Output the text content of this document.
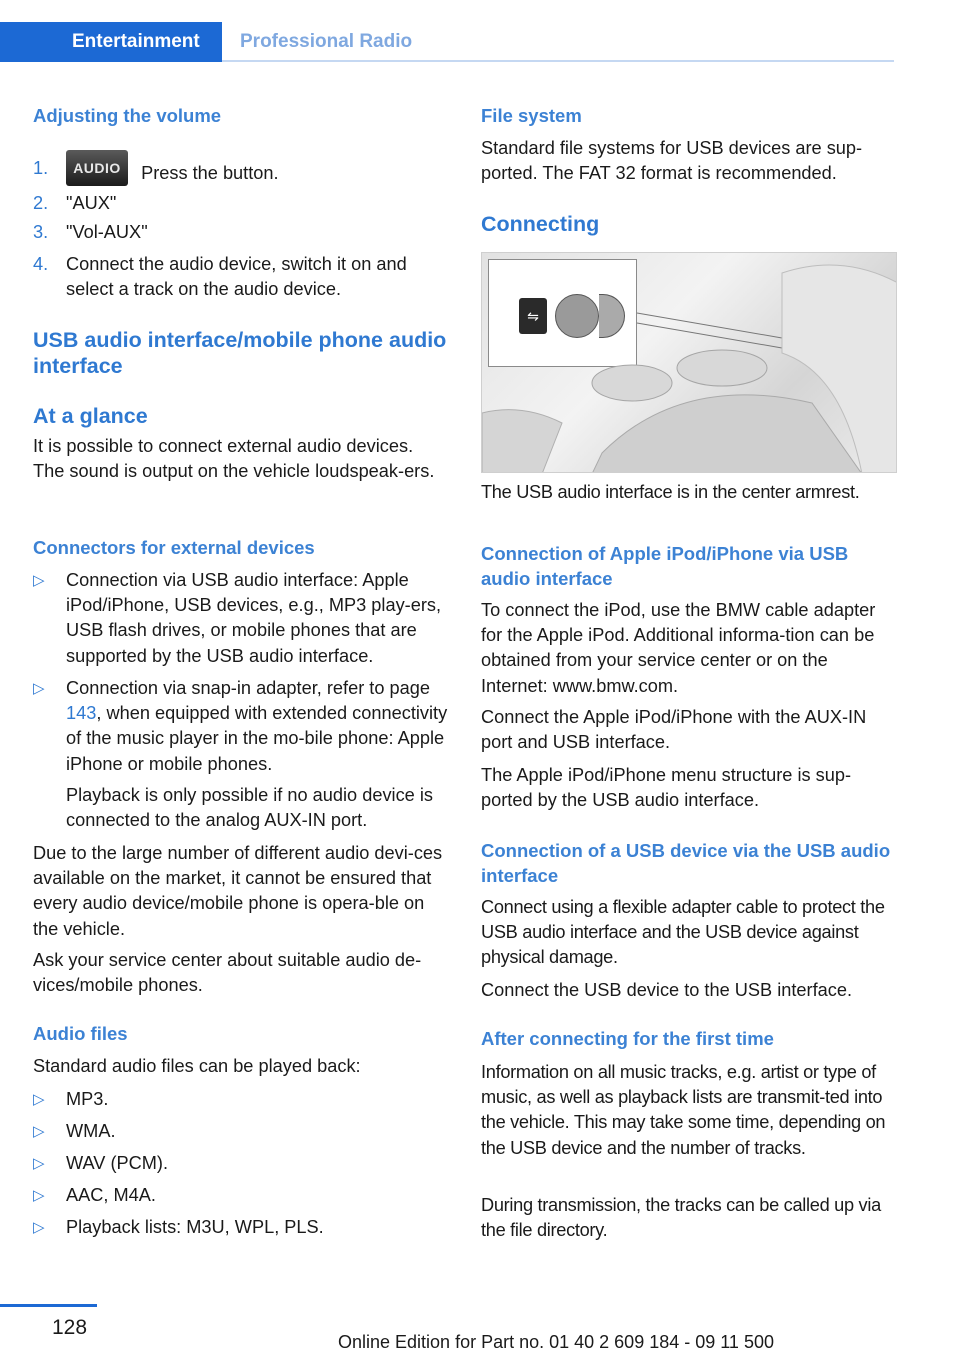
Entertainment	Professional Radio
Adjusting the volume
1.	AUDIO Press the button.
2. "AUX"
3. "Vol-AUX"
4. Connect the audio device, switch it on and select a track on the audio device.
USB audio interface/mobile phone audio interface
At a glance
It is possible to connect external audio devices. The sound is output on the vehicle loudspeak‐ers.
Connectors for external devices
▷ Connection via USB audio interface: Apple iPod/iPhone, USB devices, e.g., MP3 play‐ers, USB flash drives, or mobile phones that are supported by the USB audio interface.
▷ Connection via snap-in adapter, refer to page 143, when equipped with extended connectivity of the music player in the mo‐bile phone: Apple iPhone or mobile phones.
Playback is only possible if no audio device is connected to the analog AUX-IN port.
Due to the large number of different audio devi‐ces available on the market, it cannot be ensured that every audio device/mobile phone is opera‐ble on the vehicle.
Ask your service center about suitable audio de‐vices/mobile phones.
Audio files
Standard audio files can be played back:
▷ MP3.
▷ WMA.
▷ WAV (PCM).
▷ AAC, M4A.
▷ Playback lists: M3U, WPL, PLS.
File system
Standard file systems for USB devices are sup‐ported. The FAT 32 format is recommended.
Connecting
⇋
The USB audio interface is in the center armrest.
Connection of Apple iPod/iPhone via USB audio interface
To connect the iPod, use the BMW cable adapter for the Apple iPod. Additional informa‐tion can be obtained from your service center or on the Internet: www.bmw.com.
Connect the Apple iPod/iPhone with the AUX-IN port and USB interface.
The Apple iPod/iPhone menu structure is sup‐ported by the USB audio interface.
Connection of a USB device via the USB audio interface
Connect using a flexible adapter cable to protect the USB audio interface and the USB device against physical damage.
Connect the USB device to the USB interface.
After connecting for the first time
Information on all music tracks, e.g. artist or type of music, as well as playback lists are transmit‐ted into the vehicle. This may take some time, depending on the USB device and the number of tracks.
During transmission, the tracks can be called up via the file directory.
128
Online Edition for Part no. 01 40 2 609 184 - 09 11 500
